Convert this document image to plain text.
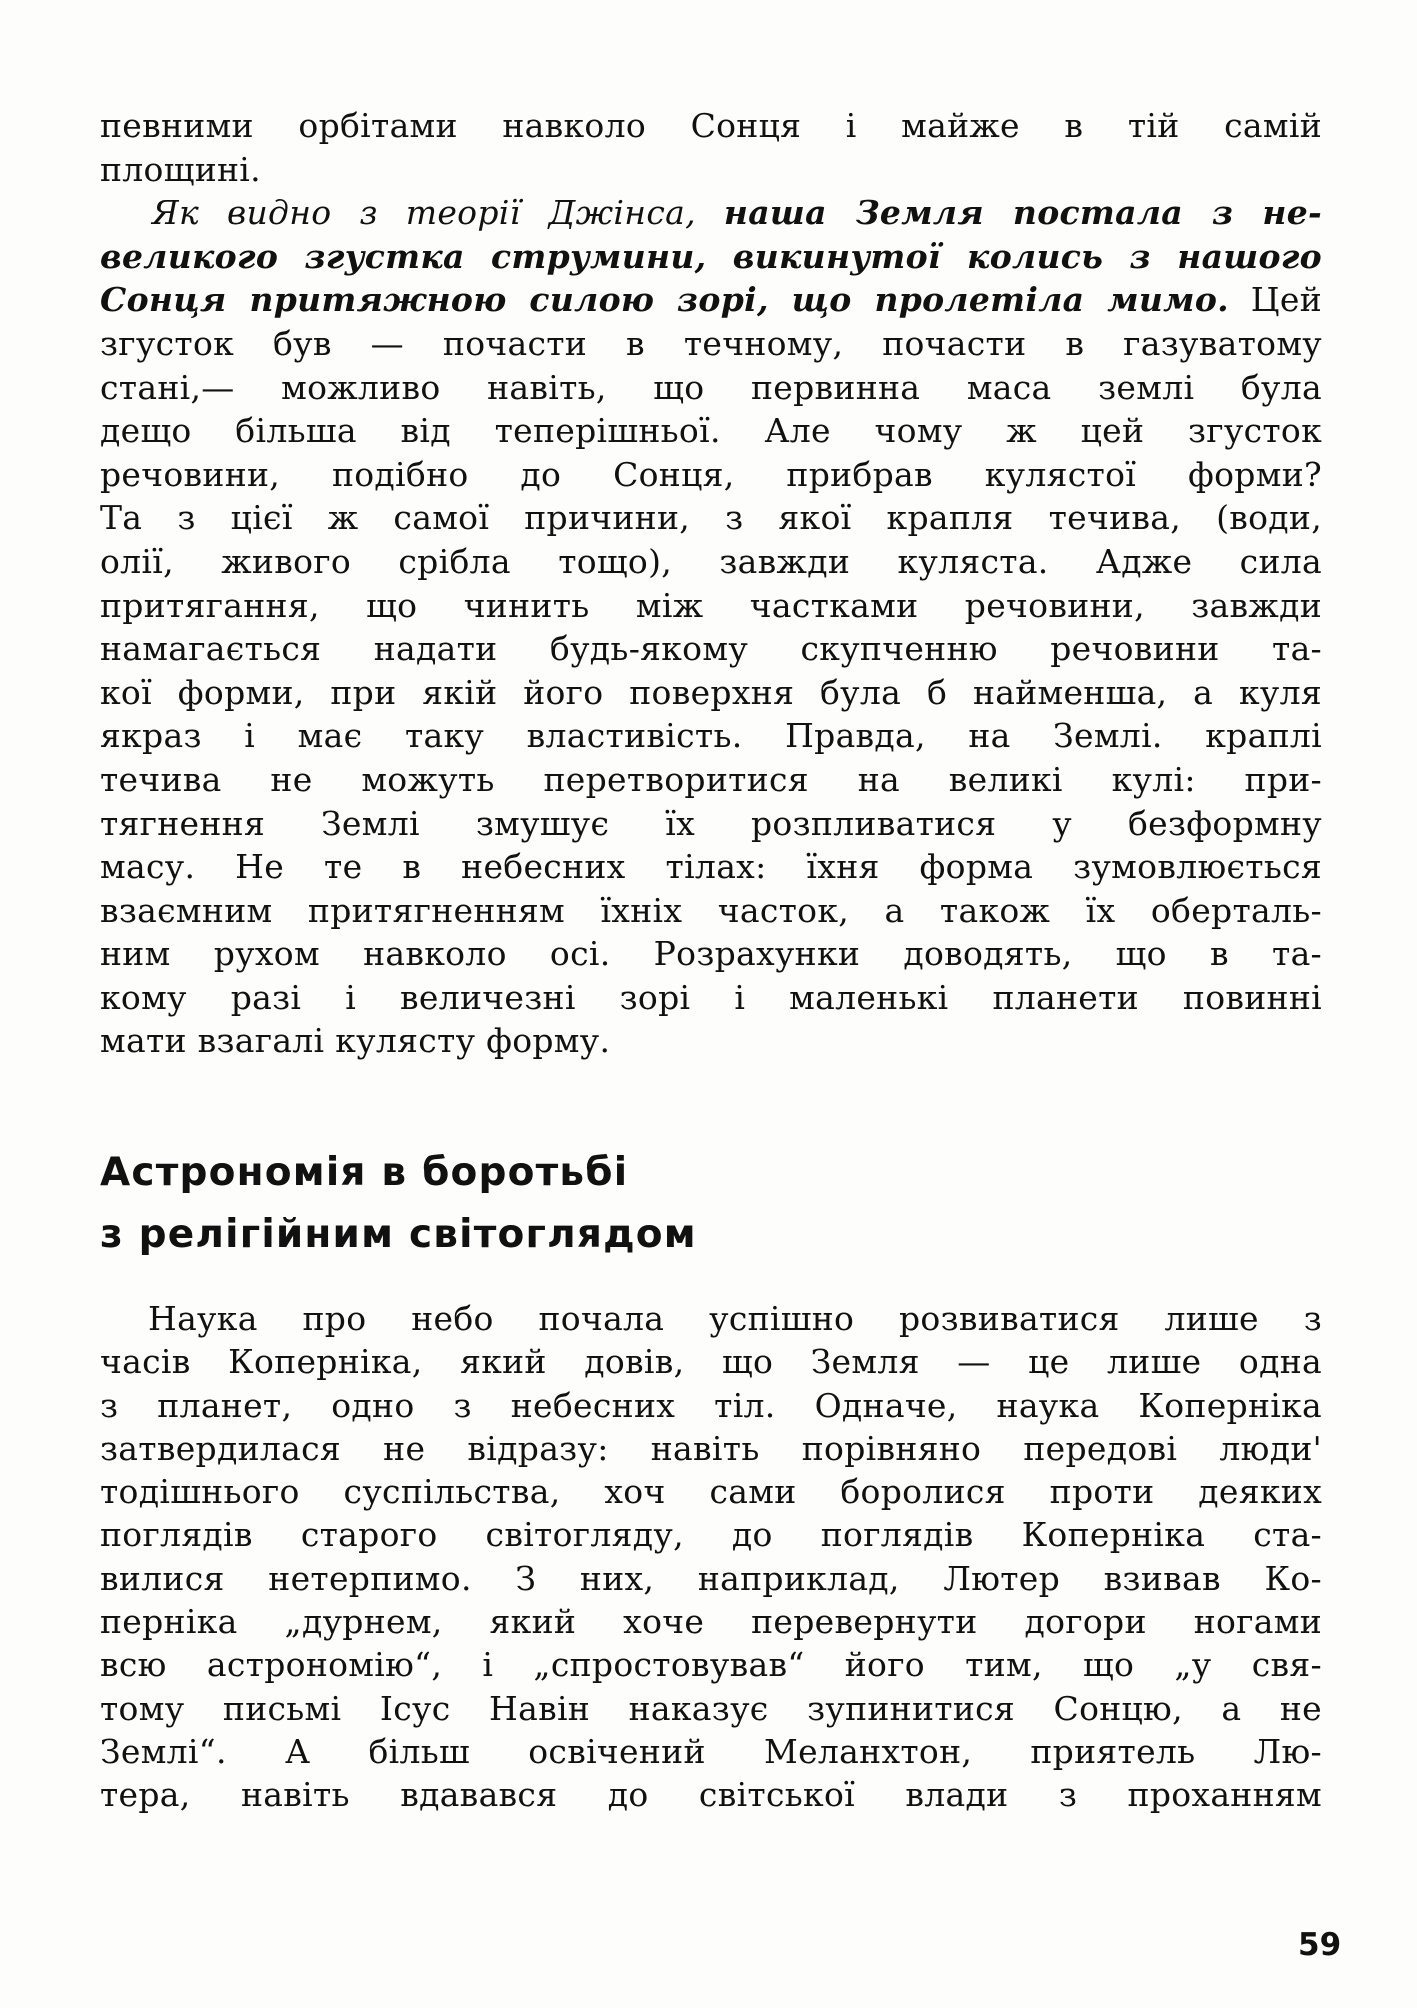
певними орбітами навколо Сонця і майже в тій самій
площині.
Як видно з теорії Джінса, наша Земля постала з не-
великого згустка струмини, викинутої колись з нашого
Сонця притяжною силою зорі, що пролетіла мимо. Цей
згусток був — почасти в течному, почасти в газуватому
стані,— можливо навіть, що первинна маса землі була
дещо більша від теперішньої. Але чому ж цей згусток
речовини, подібно до Сонця, прибрав кулястої форми?
Та з цієї ж самої причини, з якої крапля течива, (води,
олії, живого срібла тощо), завжди куляста. Адже сила
притягання, що чинить між частками речовини, завжди
намагається надати будь-якому скупченню речовини та-
кої форми, при якій його поверхня була б найменша, а куля
якраз і має таку властивість. Правда, на Землі. краплі
течива не можуть перетворитися на великі кулі: при-
тягнення Землі змушує їх розпливатися у безформну
масу. Не те в небесних тілах: їхня форма зумовлюється
взаємним притягненням їхніх часток, а також їх оберталь-
ним рухом навколо осі. Розрахунки доводять, що в та-
кому разі і величезні зорі і маленькі планети повинні
мати взагалі кулясту форму.
Астрономія в боротьбі
з релігійним світоглядом
Наука про небо почала успішно розвиватися лише з
часів Коперніка, який довів, що Земля — це лише одна
з планет, одно з небесних тіл. Одначе, наука Коперніка
затвердилася не відразу: навіть порівняно передові люди'
тодішнього суспільства, хоч сами боролися проти деяких
поглядів старого світогляду, до поглядів Коперніка ста-
вилися нетерпимо. З них, наприклад, Лютер взивав Ко-
перніка „дурнем, який хоче перевернути догори ногами
всю астрономію“, і „спростовував“ його тим, що „у свя-
тому письмі Ісус Навін наказує зупинитися Сонцю, а не
Землі“. А більш освічений Меланхтон, приятель Лю-
тера, навіть вдавався до світської влади з проханням
59
